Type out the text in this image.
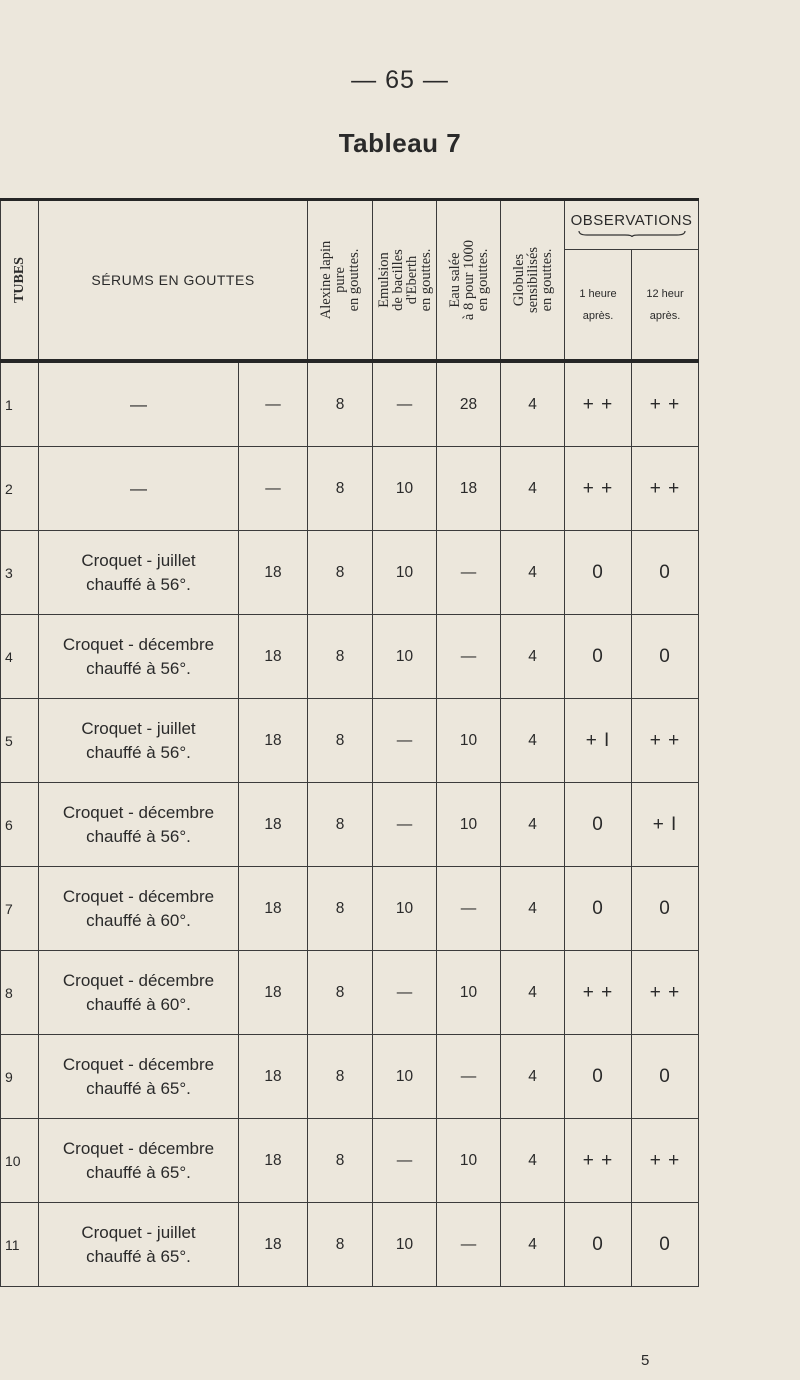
— 65 —
Tableau 7
TUBES	SÉRUMS EN GOUTTES		Alexine lapin
pure
en gouttes.	Emulsion
de bacilles
d'Eberth
en gouttes.	Eau salée
à 8 pour 1000
en gouttes.	Globules
sensibilisés
en gouttes.	OBSERVATIONS	

							1 heure
après.	12 heur
après.
1	—	—	8	—	28	4	+ +	+ +
2	—	—	8	10	18	4	+ +	+ +
3	Croquet - juillet
chauffé à 56°.	18	8	10	—	4	0	0
4	Croquet - décembre
chauffé à 56°.	18	8	10	—	4	0	0
5	Croquet - juillet
chauffé à 56°.	18	8	—	10	4	+ I	+ +
6	Croquet - décembre
chauffé à 56°.	18	8	—	10	4	0	+ I
7	Croquet - décembre
chauffé à 60°.	18	8	10	—	4	0	0
8	Croquet - décembre
chauffé à 60°.	18	8	—	10	4	+ +	+ +
9	Croquet - décembre
chauffé à 65°.	18	8	10	—	4	0	0
10	Croquet - décembre
chauffé à 65°.	18	8	—	10	4	+ +	+ +
11	Croquet - juillet
chauffé à 65°.	18	8	10	—	4	0	0
5
